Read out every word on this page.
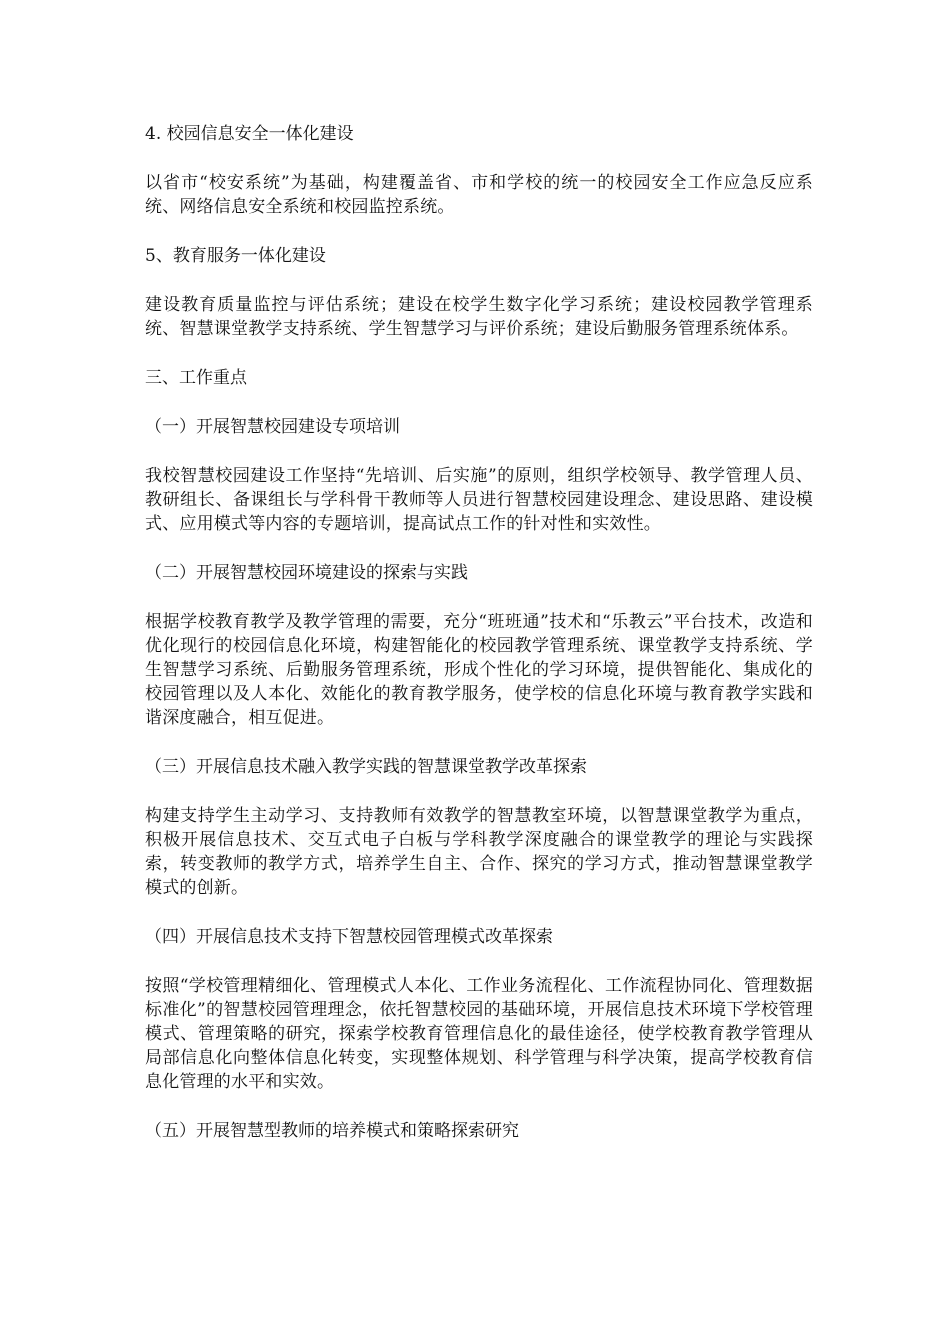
4. 校园信息安全一体化建设
以省市“校安系统”为基础，构建覆盖省、市和学校的统一的校园安全工作应急反应系统、网络信息安全系统和校园监控系统。
5、教育服务一体化建设
建设教育质量监控与评估系统；建设在校学生数字化学习系统；建设校园教学管理系统、智慧课堂教学支持系统、学生智慧学习与评价系统；建设后勤服务管理系统体系。
三、工作重点
（一）开展智慧校园建设专项培训
我校智慧校园建设工作坚持“先培训、后实施”的原则，组织学校领导、教学管理人员、教研组长、备课组长与学科骨干教师等人员进行智慧校园建设理念、建设思路、建设模式、应用模式等内容的专题培训，提高试点工作的针对性和实效性。
（二）开展智慧校园环境建设的探索与实践
根据学校教育教学及教学管理的需要，充分“班班通”技术和“乐教云”平台技术，改造和优化现行的校园信息化环境，构建智能化的校园教学管理系统、课堂教学支持系统、学生智慧学习系统、后勤服务管理系统，形成个性化的学习环境，提供智能化、集成化的校园管理以及人本化、效能化的教育教学服务，使学校的信息化环境与教育教学实践和谐深度融合，相互促进。
（三）开展信息技术融入教学实践的智慧课堂教学改革探索
构建支持学生主动学习、支持教师有效教学的智慧教室环境，以智慧课堂教学为重点，积极开展信息技术、交互式电子白板与学科教学深度融合的课堂教学的理论与实践探索，转变教师的教学方式，培养学生自主、合作、探究的学习方式，推动智慧课堂教学模式的创新。
（四）开展信息技术支持下智慧校园管理模式改革探索
按照“学校管理精细化、管理模式人本化、工作业务流程化、工作流程协同化、管理数据标准化”的智慧校园管理理念，依托智慧校园的基础环境，开展信息技术环境下学校管理模式、管理策略的研究，探索学校教育管理信息化的最佳途径，使学校教育教学管理从局部信息化向整体信息化转变，实现整体规划、科学管理与科学决策，提高学校教育信息化管理的水平和实效。
（五）开展智慧型教师的培养模式和策略探索研究
